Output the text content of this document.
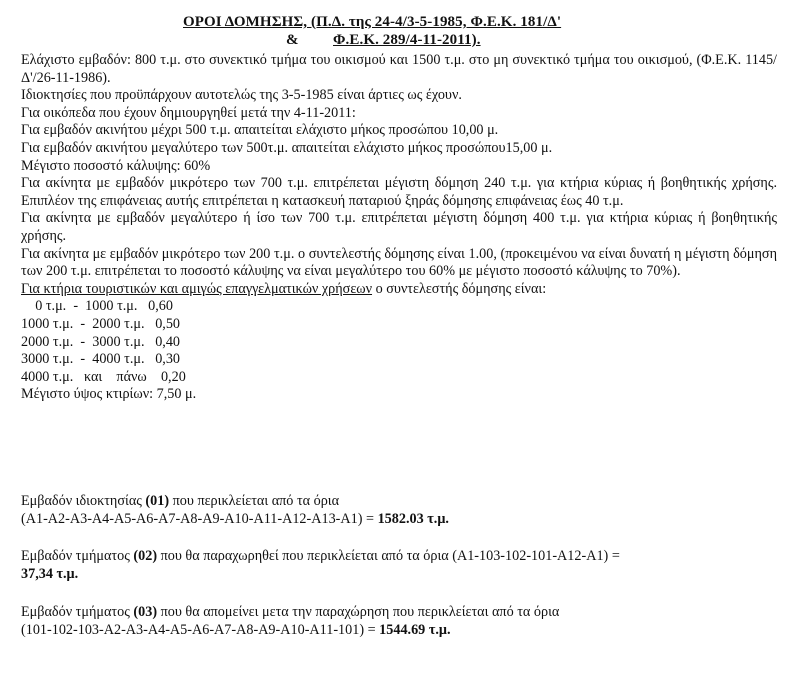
ΟΡΟΙ ΔΟΜΗΣΗΣ, (Π.Δ. της 24-4/3-5-1985, Φ.Ε.Κ. 181/Δ'
& Φ.Ε.Κ. 289/4-11-2011).

Ελάχιστο εμβαδόν: 800 τ.μ. στο συνεκτικό τμήμα του οικισμού και 1500 τ.μ. στο μη συνεκτικό τμήμα του οικισμού, (Φ.Ε.Κ. 1145/Δ'/26-11-1986).

Ιδιοκτησίες που προϋπάρχουν αυτοτελώς της 3-5-1985 είναι άρτιες ως έχουν.

Για οικόπεδα που έχουν δημιουργηθεί μετά την 4-11-2011:

Για εμβαδόν ακινήτου μέχρι 500 τ.μ. απαιτείται ελάχιστο μήκος προσώπου 10,00 μ.

Για εμβαδόν ακινήτου μεγαλύτερο των 500τ.μ. απαιτείται ελάχιστο μήκος προσώπου15,00 μ.

Μέγιστο ποσοστό κάλυψης: 60%

Για ακίνητα με εμβαδόν μικρότερο των 700 τ.μ. επιτρέπεται μέγιστη δόμηση 240 τ.μ. για κτήρια κύριας ή βοηθητικής χρήσης. Επιπλέον της επιφάνειας αυτής επιτρέπεται η κατασκευή παταριού ξηράς δόμησης επιφάνειας έως 40 τ.μ.

Για ακίνητα με εμβαδόν μεγαλύτερο ή ίσο των 700 τ.μ. επιτρέπεται μέγιστη δόμηση 400 τ.μ. για κτήρια κύριας ή βοηθητικής χρήσης.

Για ακίνητα με εμβαδόν μικρότερο των 200 τ.μ. ο συντελεστής δόμησης είναι 1.00, (προκειμένου να είναι δυνατή η μέγιστη δόμηση των 200 τ.μ. επιτρέπεται το ποσοστό κάλυψης να είναι μεγαλύτερο του 60% με μέγιστο ποσοστό κάλυψης το 70%).

Για κτήρια τουριστικών και αμιγώς επαγγελματικών χρήσεων ο συντελεστής δόμησης είναι:

0 τ.μ.  -  1000 τ.μ.   0,60
1000 τ.μ.  -  2000 τ.μ.   0,50
2000 τ.μ.  -  3000 τ.μ.   0,40
3000 τ.μ.  -  4000 τ.μ.   0,30
4000 τ.μ.   και    πάνω    0,20

Μέγιστο ύψος κτιρίων: 7,50 μ.

Εμβαδόν ιδιοκτησίας (01) που περικλείεται από τα όρια

(A1-A2-A3-A4-A5-A6-A7-A8-A9-A10-A11-A12-A13-A1) = 1582.03 τ.μ.

Εμβαδόν τμήματος (02) που θα παραχωρηθεί που περικλείεται από τα όρια (A1-103-102-101-A12-A1) =

37,34 τ.μ.

Εμβαδόν τμήματος (03) που θα απομείνει μετα την παραχώρηση που περικλείεται από τα όρια

(101-102-103-A2-A3-A4-A5-A6-A7-A8-A9-A10-A11-101) = 1544.69 τ.μ.
